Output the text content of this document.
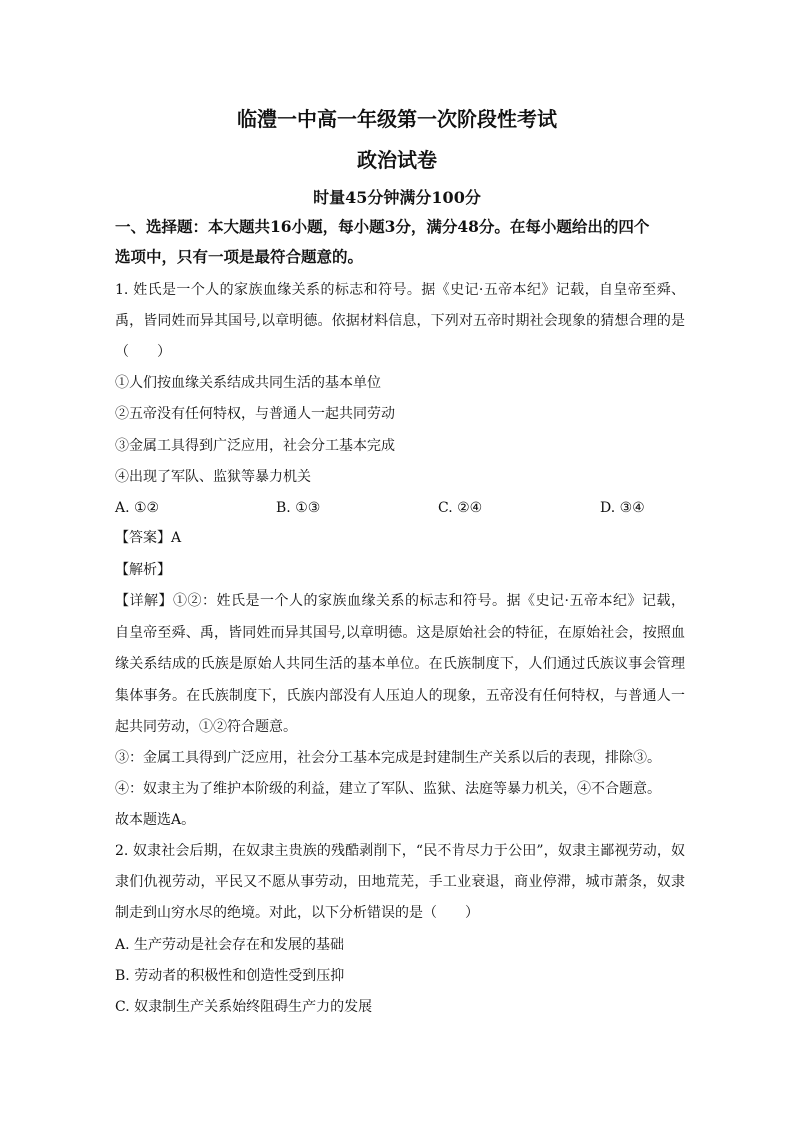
临澧一中高一年级第一次阶段性考试
政治试卷
时量45分钟满分100分
一、选择题：本大题共16小题，每小题3分，满分48分。在每小题给出的四个
选项中，只有一项是最符合题意的。
1. 姓氏是一个人的家族血缘关系的标志和符号。据《史记·五帝本纪》记载，自皇帝至舜、
禹，皆同姓而异其国号,以章明德。依据材料信息，下列对五帝时期社会现象的猜想合理的是
（　　）
①人们按血缘关系结成共同生活的基本单位
②五帝没有任何特权，与普通人一起共同劳动
③金属工具得到广泛应用，社会分工基本完成
④出现了军队、监狱等暴力机关
A. ①②	B. ①③	C. ②④	D. ③④
【答案】A
【解析】
【详解】①②：姓氏是一个人的家族血缘关系的标志和符号。据《史记·五帝本纪》记载，
自皇帝至舜、禹，皆同姓而异其国号,以章明德。这是原始社会的特征，在原始社会，按照血
缘关系结成的氏族是原始人共同生活的基本单位。在氏族制度下，人们通过氏族议事会管理
集体事务。在氏族制度下，氏族内部没有人压迫人的现象，五帝没有任何特权，与普通人一
起共同劳动，①②符合题意。
③：金属工具得到广泛应用，社会分工基本完成是封建制生产关系以后的表现，排除③。
④：奴隶主为了维护本阶级的利益，建立了军队、监狱、法庭等暴力机关，④不合题意。
故本题选A。
2. 奴隶社会后期，在奴隶主贵族的残酷剥削下，“民不肯尽力于公田”，奴隶主鄙视劳动，奴
隶们仇视劳动，平民又不愿从事劳动，田地荒芜，手工业衰退，商业停滞，城市萧条，奴隶
制走到山穷水尽的绝境。对此，以下分析错误的是（　　）
A. 生产劳动是社会存在和发展的基础
B. 劳动者的积极性和创造性受到压抑
C. 奴隶制生产关系始终阻碍生产力的发展
